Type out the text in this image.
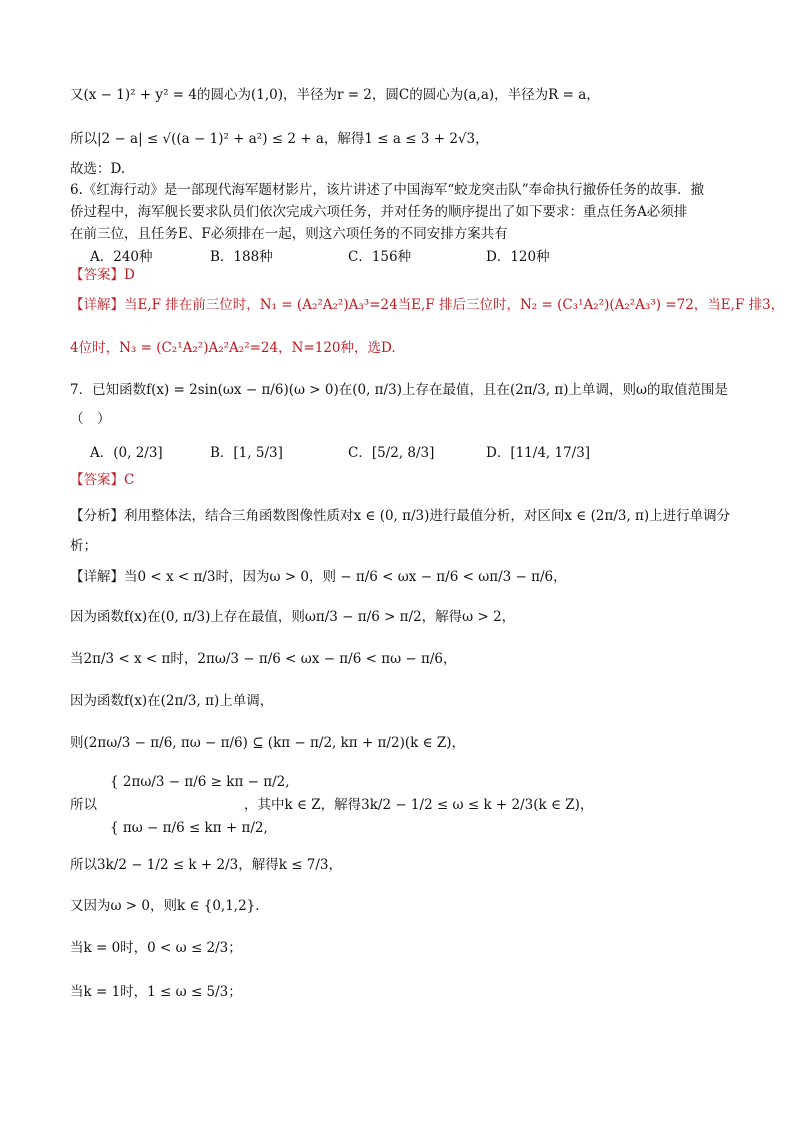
又(x − 1)² + y² = 4的圆心为(1,0)，半径为r = 2，圆C的圆心为(a,a)，半径为R = a，
所以|2 − a| ≤ √((a − 1)² + a²) ≤ 2 + a，解得1 ≤ a ≤ 3 + 2√3，
故选：D.
6.《红海行动》是一部现代海军题材影片，该片讲述了中国海军“蛟龙突击队”奉命执行撤侨任务的故事．撤
侨过程中，海军舰长要求队员们依次完成六项任务，并对任务的顺序提出了如下要求：重点任务A必须排
在前三位，且任务E、F必须排在一起，则这六项任务的不同安排方案共有
A．240种	B．188种	C．156种	D．120种
【答案】D
【详解】当E,F 排在前三位时，N₁ = (A₂²A₂²)A₃³=24当E,F 排后三位时，N₂ = (C₃¹A₂²)(A₂²A₃³) =72，当E,F 排3，
4位时，N₃ = (C₂¹A₂²)A₂²A₂²=24，N=120种，选D.
7．已知函数f(x) = 2sin(ωx − π/6)(ω > 0)在(0, π/3)上存在最值，且在(2π/3, π)上单调，则ω的取值范围是
（　）
A．(0, 2/3]	B．[1, 5/3]	C．[5/2, 8/3]	D．[11/4, 17/3]
【答案】C
【分析】利用整体法，结合三角函数图像性质对x ∈ (0, π/3)进行最值分析，对区间x ∈ (2π/3, π)上进行单调分
析；
【详解】当0 < x < π/3时，因为ω > 0，则 − π/6 < ωx − π/6 < ωπ/3 − π/6，
因为函数f(x)在(0, π/3)上存在最值，则ωπ/3 − π/6 > π/2，解得ω > 2，
当2π/3 < x < π时，2πω/3 − π/6 < ωx − π/6 < πω − π/6，
因为函数f(x)在(2π/3, π)上单调，
则(2πω/3 − π/6, πω − π/6) ⊆ (kπ − π/2, kπ + π/2)(k ∈ Z)，
{ 2πω/3 − π/6 ≥ kπ − π/2,
所以	，其中k ∈ Z，解得3k/2 − 1/2 ≤ ω ≤ k + 2/3(k ∈ Z)，
{ πω − π/6 ≤ kπ + π/2,
所以3k/2 − 1/2 ≤ k + 2/3，解得k ≤ 7/3，
又因为ω > 0，则k ∈ {0,1,2}．
当k = 0时，0 < ω ≤ 2/3；
当k = 1时，1 ≤ ω ≤ 5/3；
